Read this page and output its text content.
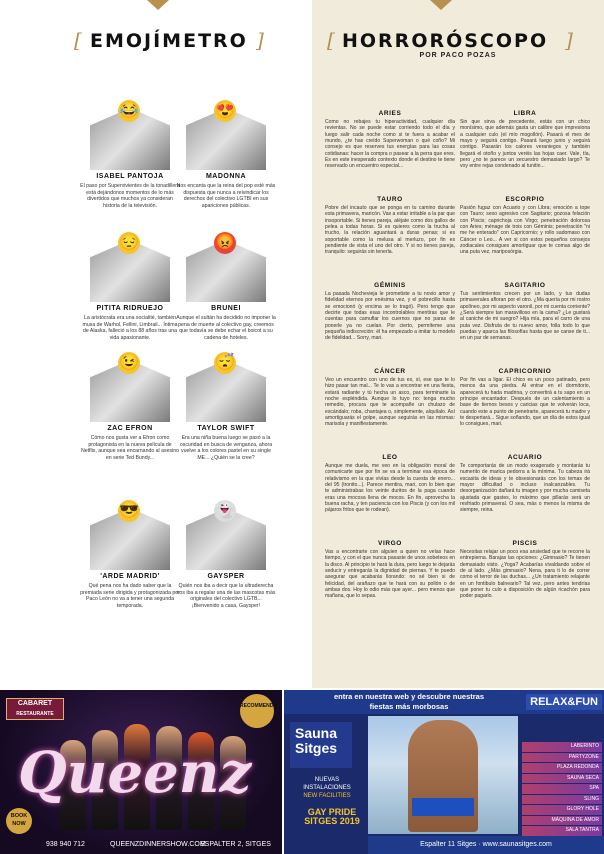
[ EMOJÍMETRO ]
😂
ISABEL PANTOJA
El paso por Supervivientes de la tonadillera está dejándonos momentos de lo más divertidos que muchos ya consideran historia de la televisión.
😍
MADONNA
Nos encanta que la reina del pop esté más dispuesta que nunca a reivindicar los derechos del colectivo LGTBI en sus apariciones públicas.
😔
PITITA RIDRUEJO
La aristócrata era una socialité, también musa de Warhol, Fellini, Limbrail... Íntima de Alaska, falleció a los 88 años tras una vida apasionante.
😡
BRUNEI
Aunque el sultán ha decidido no imponer la pena de muerte al colectivo gay, creemos que todavía se debe echar el boicot a su cadena de hoteles.
😉
ZAC EFRON
Cómo nos gusta ver a Efron como protagonista en la nueva película de Netflix, aunque sea encarnando al asesino en serie Ted Bundy...
😴
TAYLOR SWIFT
Era una niña buena luego se pasó a la oscuridad en busca de venganza, ahora vuelve a los colores pastel en su single ME... ¿Quién se la cree?
😎
'ARDE MADRID'
Qué pena nos ha dado saber que la premiada serie dirigida y protagonizada por Paco León no va a tener una segunda temporada.
👻
GAYSPER
Quién nos iba a decir que la ultraderecha nos iba a regalar una de las mascotas más originales del colectivo LGTB... ¡Bienvenido a casa, Gaysper!
[ HORRORÓSCOPO ]

ARIES

Como no rebajes tu hiperactividad, cualquier día revientas. No se puede estar corriendo todo el día y luego salir cada noche como si te fuera a acabar el mundo, ¿te has creído Superwoman o qué coño? Mi consejo es que reserves tus energías para las cosas cotidianas: hacer la compra o pasear a la perra que eres. Es en este inesperado contexto donde el destino te tiene reservado un encuentro especial...

TAURO

Pobre del incauto que se ponga en tu camino durante esta primavera, maricón. Vas a estar irritable a la par que insoportable. Si tienes pareja, aléjate como dos gallos de pelea a todas horas. Si es quieres como la trucha al trucho, la relación aguantará a duras penas; si es soportable como la melusa al merluzo, por fin es pendiente de vista el uno del otro. Y si no tienes pareja, tranquilo: seguirás sin tenerla.

GÉMINIS

La pasada Nochevieja le prometiste a tu novio amor y fidelidad eternos por enésima vez, y el pobrecillo hasta se emocionó (y encima se lo tragó). Pero tengo que decirte que todas esas incontrolables mentiras que le cuentas para camuflar los cuernos que no paras de ponerle ya no cuelan. Por cierto, permíteme una pequeña indiscreción: él ha empezado a imitar tu modelo de fidelidad... Sorry, mari.

CÁNCER

Veo un encuentro con uno de tus ex, sí, ese que te lo hizo pasar tan mal... Te lo vas a encontrar en una fiesta, estará radiante y tú hecha un asco, para terminarte la noche espléndida. Aunque lo tuyo no: tenga mucho remedio, procura que te acompañe un chulazo de escándalo; roba, chantajea o, simplemente, alquílalo. Así amortiguarás el golpe, aunque seguirás en las mismas: marisola y manifiestamente.

LEO

Aunque me duela, me veo en la obligación moral de comunicarte que por fin se va a terminar esa época de relativismo en la que vivías desde la cuesta de enero... del 95 (tronito...). Parece mentira, mari, con lo bien que te administrabas los veinte duritos de la paga cuando eras una mocosa llena de mocos. En fin, aprovecha la buena racha, y ten paciencia con los Piscis (y con los mil pájaros fritos que te rodean).

VIRGO

Vas a encontrarte con alguien a quien no veías hace tiempo, y con el que nunca pasaste de unos sobeteos en la disco. Al principio te hará la dura, pero luego te dejarás seducir y entregarás la dignidad de piernas. Y te puedo asegurar que acabarás llorando: no sé bien si de felicidad, del arañazo que te hará con su pollón o de ambas dos. Hoy lo odio más que ayer... pero menos que mañana, que lo sepas.

LIBRA

Sin que sirva de precedente, estás con un chico monísimo, que además gasta un calibre que impresiona a cualquier culo (el mío mogollón). Pasará el mes de mayo y seguirá contigo. Pasará luego junio y seguirá contigo. Pasarán los calores veraniegos y también llegará el otoño y juntos veréis las hojas caer. Vale, tía, pero ¿no te parece un secuestro demasiado largo? Te voy entre rejas condenado al tunitin...

ESCORPIO

Pasión fugaz con Acuario y con Libra; emoción a tope con Tauro; sexo agresivo con Sagitario; gozosa felación con Piscis; caprichoja con Virgo; penetración dolorosa con Aries; ménage de trois con Géminis; penetración "ni me he enterado" con Capricornio; y rollo sadomaso con Cáncer o Leo... A ver si con estos pequeños consejos zodiacales consigues amortiguar que te comas algo de una puta vez, mariposórgia.

SAGITARIO

Tus sentimientos crecen por un lado, y tus dudas primaverales afloran por el otro. ¿Ma quería por mi rostro apolíneo, por mi aspecto varonil, por mi cuenta corriente? ¿Será siempre tan maravilloso en la cama? ¿Le gustará al caniche de mi suegro? Hija mía, para el carro de una puta vez. Disfruta de tu nuevo amor, folla todo lo que puedas y aparca las filosofías hasta que se canse de ti... en un par de semanas.

CAPRICORNIO

Por fin vas a ligar. El chico es un poco patinado, pero menos da una piedra. Al entrar en el dormitorio, aparecerá tu hada madrina, y convertirá a tu sapo en un príncipe encantador. Después de un calentamiento a base de tiernos besos y caricias que te volverán loca, cuando este a punto de penetrarte, aparecerá tu madre y te despertará... Sigue soñando, que un día de estos igual lo consigues, mari.

ACUARIO

Te comportarás de un modo exagerado y montarás tu numerito de marica pedorra a la mínima. Tu cabeza irá escasita de ideas y te obsesionarás con los temas de mayor dificultad o incluso inalcanzables. Tu desorganización dañará tu imagen y por mucha camiseta ajustada que gastes, lo máximo que pillarás será un resfriado primaveral. O sea, más o menos la misma de siempre, reina.

PISCIS

Necesitas relajar un poco esa ansiedad que te recorre la entrepierna. Barajas las opciones: ¿Gimnasio? Te tienen demasiado visto. ¿Yoga? Acabarías vivaldando sobre el de al lado. ¿Más gimnasio? Nena, para ti lo de correr como el terror de las duchas... ¿Un tratamiento relajante en un fontibulo balneario? Tal vez, pero antes tendrías que poner tu culo a disposición de algún ricachón para poder pagarlo.

POR PACO POZAS
CABARET
RESTAURANTE
Queenz
RECOMMENDED
BOOK NOW
938 940 712	QUEENZDINNERSHOW.COM
ESPALTER 2, SITGES
entra en nuestra web y descubre nuestras
fiestas más morbosas	RELAX&FUN
Sauna
Sitges
NUEVAS
INSTALACIONES
NEW FACILITIES
GAY PRIDE
SITGES 2019
LABERINTO
PARTYZONE
PLAZA REDONDA
SAUNA SECA
SPA
SLING
GLORY HOLE
MÁQUINA DE AMOR
SALA TANTRA
Espalter 11 Sitges · www.saunasitges.com
